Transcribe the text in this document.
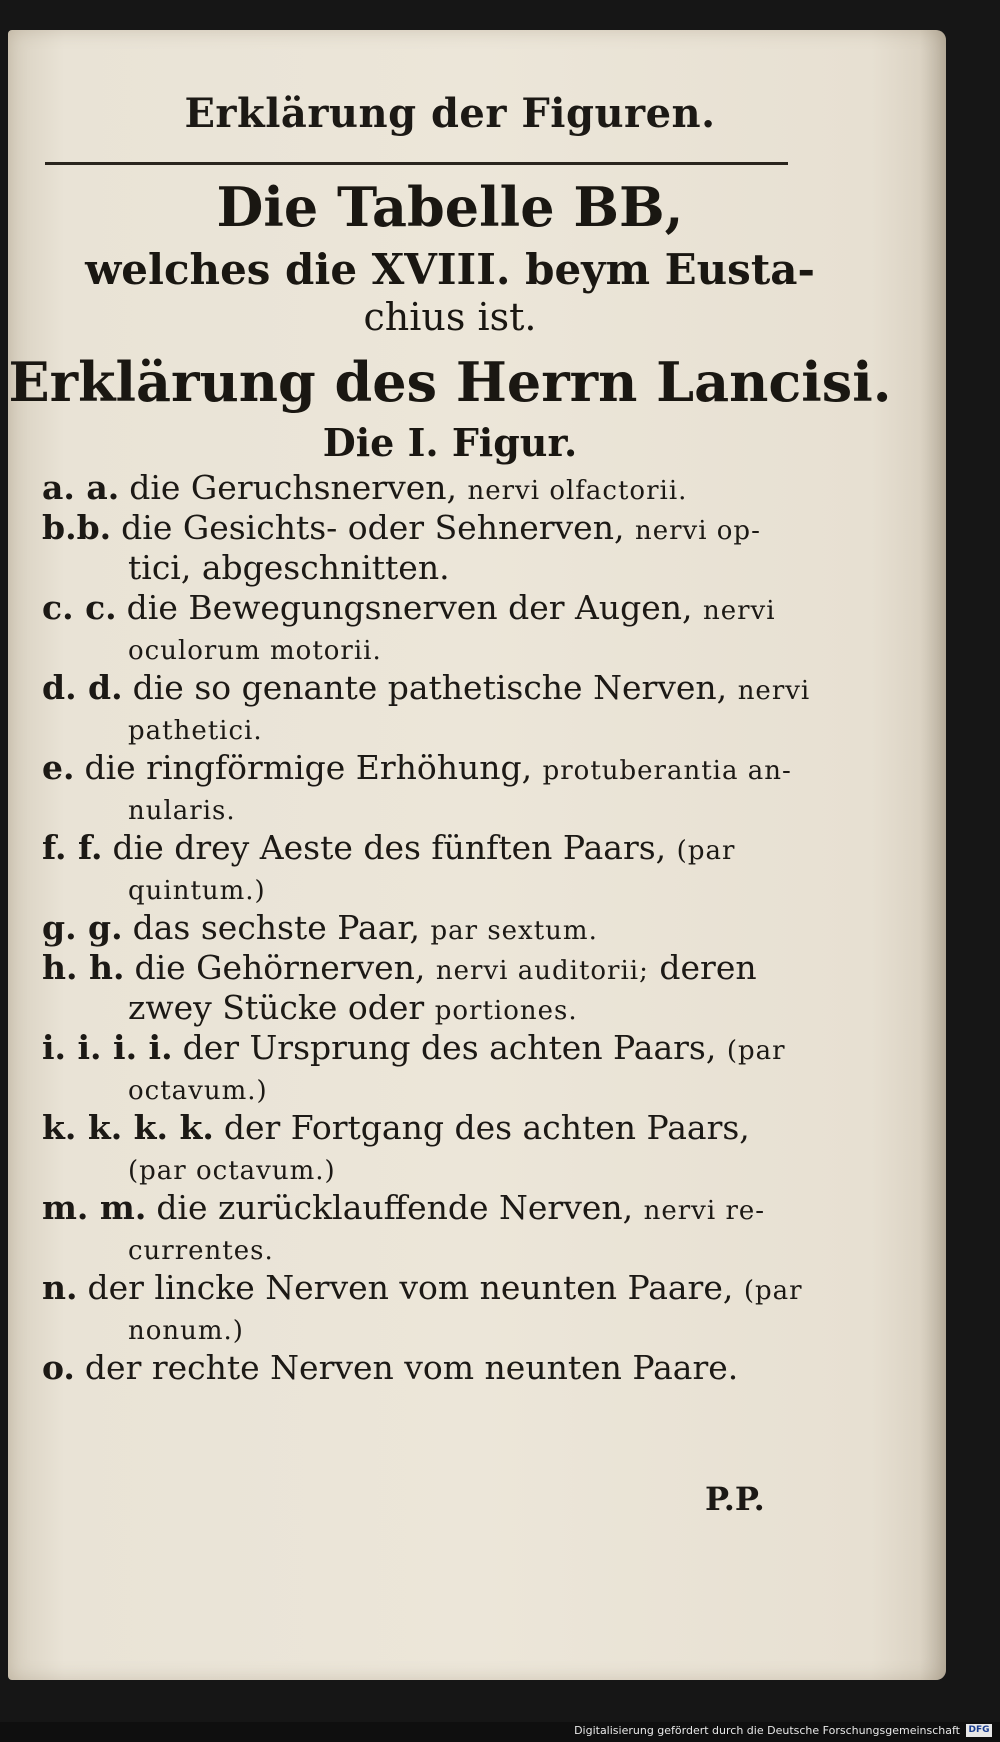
Erklärung der Figuren.
Die Tabelle BB,
welches die XVIII. beym Eusta-
chius ist.
Erklärung des Herrn Lancisi.
Die I. Figur.
a. a. die Geruchsnerven, nervi olfactorii.
b.b. die Gesichts- oder Sehnerven, nervi op-
tici, abgeschnitten.
c. c. die Bewegungsnerven der Augen, nervi
oculorum motorii.
d. d. die so genante pathetische Nerven, nervi
pathetici.
e. die ringförmige Erhöhung, protuberantia an-
nularis.
f. f. die drey Aeste des fünften Paars, (par
quintum.)
g. g. das sechste Paar, par sextum.
h. h. die Gehörnerven, nervi auditorii; deren
zwey Stücke oder portiones.
i. i. i. i. der Ursprung des achten Paars, (par
octavum.)
k. k. k. k. der Fortgang des achten Paars,
(par octavum.)
m. m. die zurücklauffende Nerven, nervi re-
currentes.
n. der lincke Nerven vom neunten Paare, (par
nonum.)
o. der rechte Nerven vom neunten Paare.
P.P.
Digitalisierung gefördert durch die Deutsche Forschungsgemeinschaft DFG
